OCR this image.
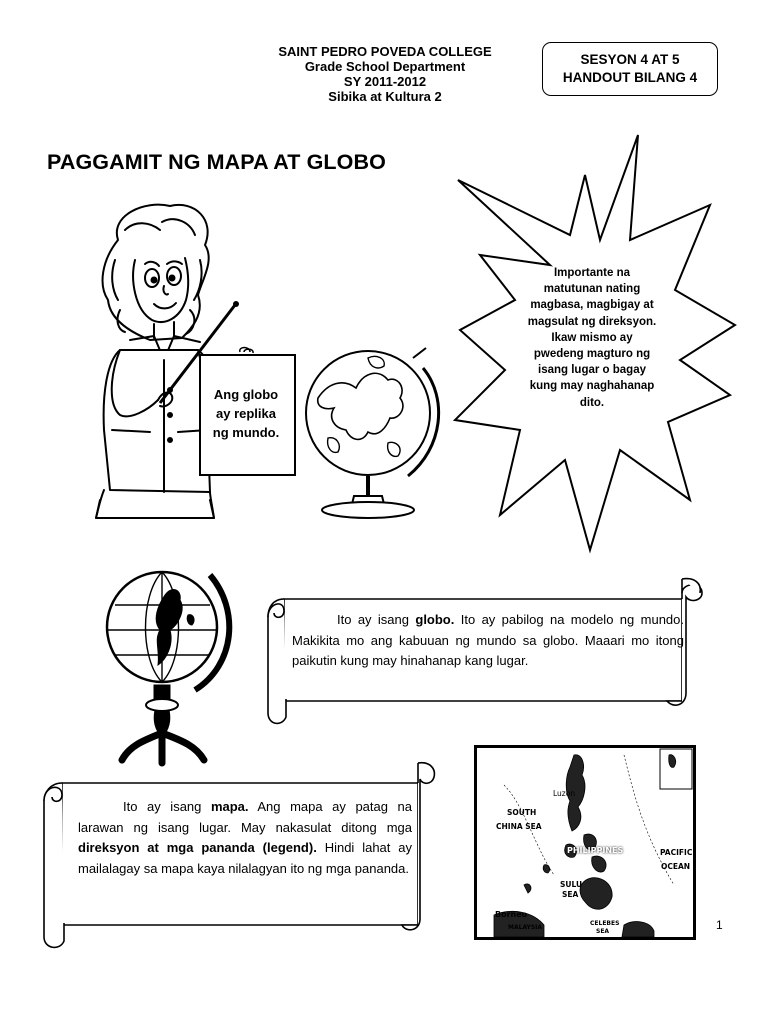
SAINT PEDRO POVEDA COLLEGE
Grade School Department
SY 2011-2012
Sibika at Kultura 2
SESYON 4 AT 5
HANDOUT BILANG 4
PAGGAMIT NG MAPA AT GLOBO
Ang globo
ay replika
ng mundo.
Importante na
matutunan nating
magbasa, magbigay at
magsulat ng direksyon.
Ikaw mismo ay
pwedeng magturo ng
isang lugar o bagay
kung may naghahanap
dito.
Ito ay isang globo. Ito ay pabilog na modelo ng mundo. Makikita mo ang kabuuan ng mundo sa globo. Maaari mo itong paikutin kung may hinahanap kang lugar.
Ito ay isang mapa. Ang mapa ay patag na larawan ng isang lugar. May nakasulat ditong mga direksyon at mga pananda (legend). Hindi lahat ay mailalagay sa mapa kaya nilalagyan ito ng mga pananda.
SOUTH
CHINA SEA
Luzon
PHILIPPINES	PACIFIC
OCEAN
SULU
SEA
Borneo
MALAYSIA
CELEBES
SEA	1
